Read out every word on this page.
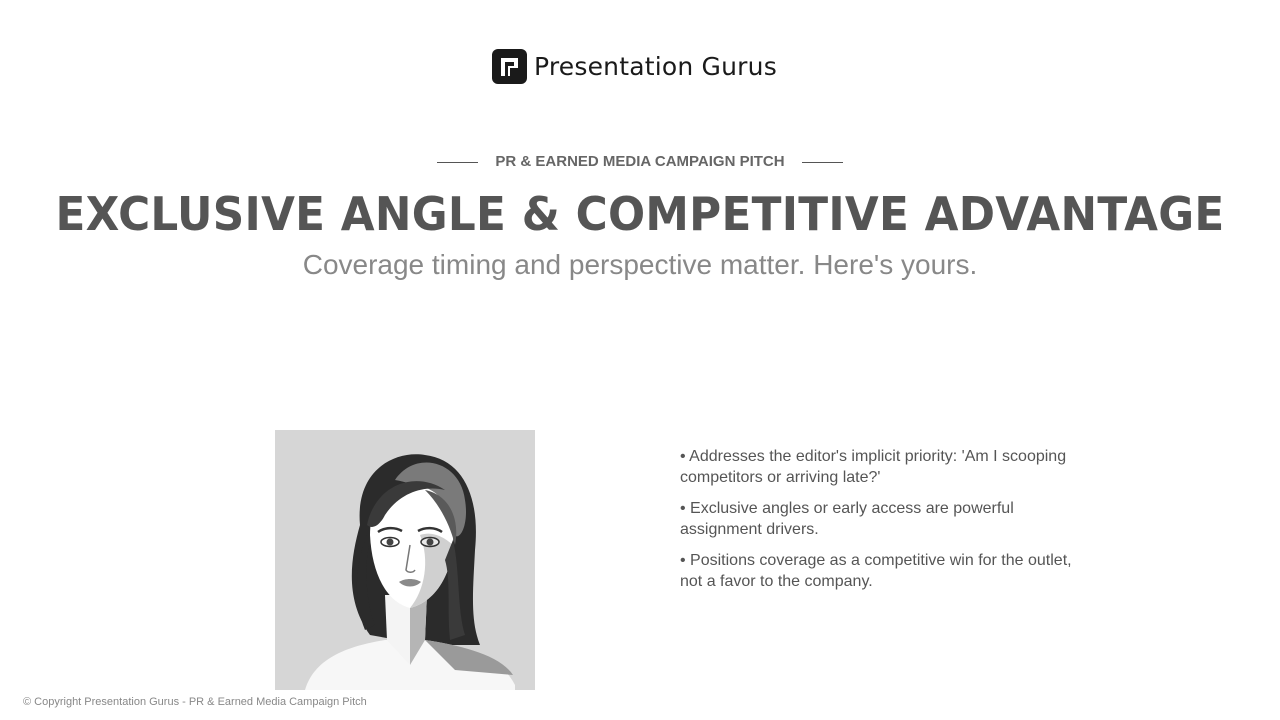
Presentation Gurus
PR & EARNED MEDIA CAMPAIGN PITCH
EXCLUSIVE ANGLE & COMPETITIVE ADVANTAGE
Coverage timing and perspective matter. Here's yours.
• Addresses the editor's implicit priority: 'Am I scooping competitors or arriving late?'
• Exclusive angles or early access are powerful assignment drivers.
• Positions coverage as a competitive win for the outlet, not a favor to the company.
© Copyright Presentation Gurus - PR & Earned Media Campaign Pitch
